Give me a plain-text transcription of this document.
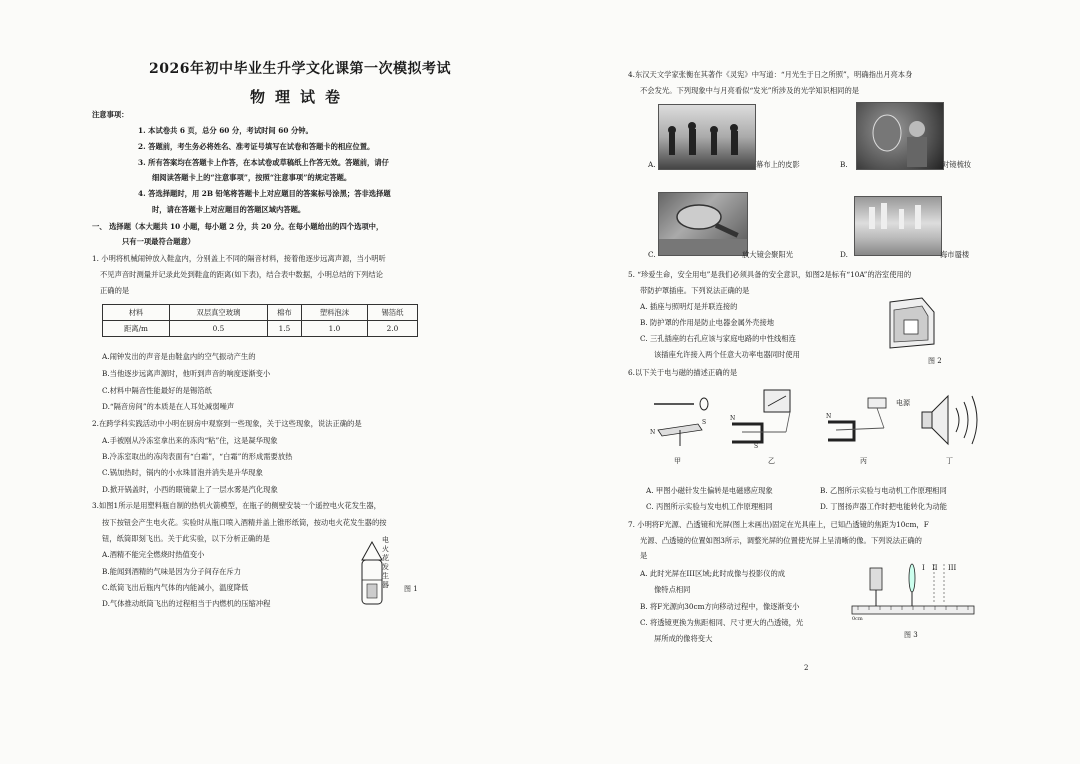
2026年初中毕业生升学文化课第一次模拟考试
物理试卷
注意事项：
1. 本试卷共 6 页，总分 60 分，考试时间 60 分钟。
2. 答题前，考生务必将姓名、准考证号填写在试卷和答题卡的相应位置。
3. 所有答案均在答题卡上作答，在本试卷或草稿纸上作答无效。答题前，请仔
细阅读答题卡上的“注意事项”，按照“注意事项”的规定答题。
4. 答选择题时，用 2B 铅笔将答题卡上对应题目的答案标号涂黑；答非选择题
时，请在答题卡上对应题目的答题区域内答题。
一、 选择题（本大题共 10 小题，每小题 2 分，共 20 分。在每小题给出的四个选项中，
只有一项最符合题意）
1. 小明将机械闹钟放入鞋盒内，分别盖上不同的隔音材料，接着他逐步远离声源，当小明听
不见声音时测量并记录此处到鞋盒的距离(如下表)，结合表中数据，小明总结的下列结论
正确的是
材料	双层真空玻璃	棉布	塑料泡沫	锡箔纸
距离/m	0.5	1.5	1.0	2.0
A.闹钟发出的声音是由鞋盒内的空气振动产生的
B.当他逐步远离声源时，他听到声音的响度逐渐变小
C.材料中隔音性能最好的是锡箔纸
D.“隔音房间”的本质是在人耳处减弱噪声
2.在跨学科实践活动中小明在厨房中观察到一些现象，关于这些现象，说法正确的是
A.手被刚从冷冻室拿出来的冻肉“粘”住，这是凝华现象
B.冷冻室取出的冻肉表面有“白霜”，“白霜”的形成需要放热
C.锅加热时，锅内的小水珠冒泡并消失是升华现象
D.掀开锅盖时，小西的眼镜蒙上了一层水雾是汽化现象
3.如图1所示是用塑料瓶自制的热机火箭模型，在瓶子的侧壁安装一个遥控电火花发生器，
按下按钮会产生电火花。实验时从瓶口喷入酒精并盖上锥形纸筒，按动电火花发生器的按
钮，纸筒即刻飞出。关于此实验，以下分析正确的是
A.酒精不能完全燃烧时热值变小
B.能闻到酒精的气味是因为分子间存在斥力
C.纸筒飞出后瓶内气体的内能减小，温度降低
D.气体推动纸筒飞出的过程相当于内燃机的压缩冲程
电火花发生器 图 1
4.东汉天文学家张衡在其著作《灵宪》中写道：“月光生于日之所照”，明确指出月亮本身
不会发光。下列现象中与月亮看似“发光”所涉及的光学知识相同的是
A.	幕布上的皮影	B.	对镜梳妆
C.	放大镜会聚阳光	D.	海市蜃楼
5. “珍爱生命，安全用电”是我们必须具备的安全意识，如图2是标有“10A”的浴室使用的
带防护罩插座。下列说法正确的是
A. 插座与照明灯是并联连接的
B. 防护罩的作用是防止电器金属外壳接地
C. 三孔插座的右孔应该与家庭电路的中性线相连
该插座允许接入两个任意大功率电器同时使用
图 2
6.以下关于电与磁的描述正确的是
N
S
甲
N
S
乙
N
电源
丙	丁
A. 甲图小磁针发生偏转是电磁感应现象	B. 乙图所示实验与电动机工作原理相同
C. 丙图所示实验与发电机工作原理相同	D. 丁图扬声器工作时把电能转化为动能
7. 小明将F光源、凸透镜和光屏(图上未画出)固定在光具座上，已知凸透镜的焦距为10cm，F
光源、凸透镜的位置如图3所示，调整光屏的位置使光屏上呈清晰的像。下列说法正确的
是
A. 此时光屏在III区域;此时成像与投影仪的成
像特点相同
B. 将F光源向30cm方向移动过程中，像逐渐变小
C. 将透镜更换为焦距相同、尺寸更大的凸透镜，光
屏所成的像将变大
I II III
0cm
图 3
2
